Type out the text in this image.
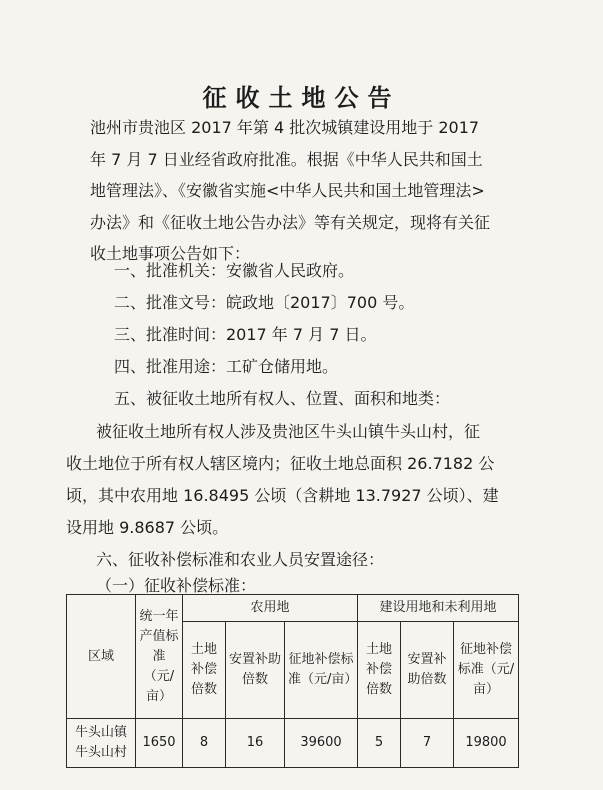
征收土地公告
池州市贵池区 2017 年第 4 批次城镇建设用地于 2017 年 7 月 7 日业经省政府批准。根据《中华人民共和国土地管理法》、《安徽省实施<中华人民共和国土地管理法>办法》和《征收土地公告办法》等有关规定，现将有关征收土地事项公告如下：
一、批准机关：安徽省人民政府。
二、批准文号：皖政地〔2017〕700 号。
三、批准时间：2017 年 7 月 7 日。
四、批准用途：工矿仓储用地。
五、被征收土地所有权人、位置、面积和地类：
被征收土地所有权人涉及贵池区牛头山镇牛头山村，征
收土地位于所有权人辖区境内；征收土地总面积 26.7182 公
顷，其中农用地 16.8495 公顷（含耕地 13.7927 公顷）、建
设用地 9.8687 公顷。
六、征收补偿标准和农业人员安置途径：
（一）征收补偿标准：
区域	统一年产值标准（元/亩）	农用地			建设用地和未利用地		
		土地补偿倍数	安置补助倍数	征地补偿标准（元/亩）	土地补偿倍数	安置补助倍数	征地补偿标准（元/亩）
牛头山镇牛头山村	1650	8	16	39600	5	7	19800
